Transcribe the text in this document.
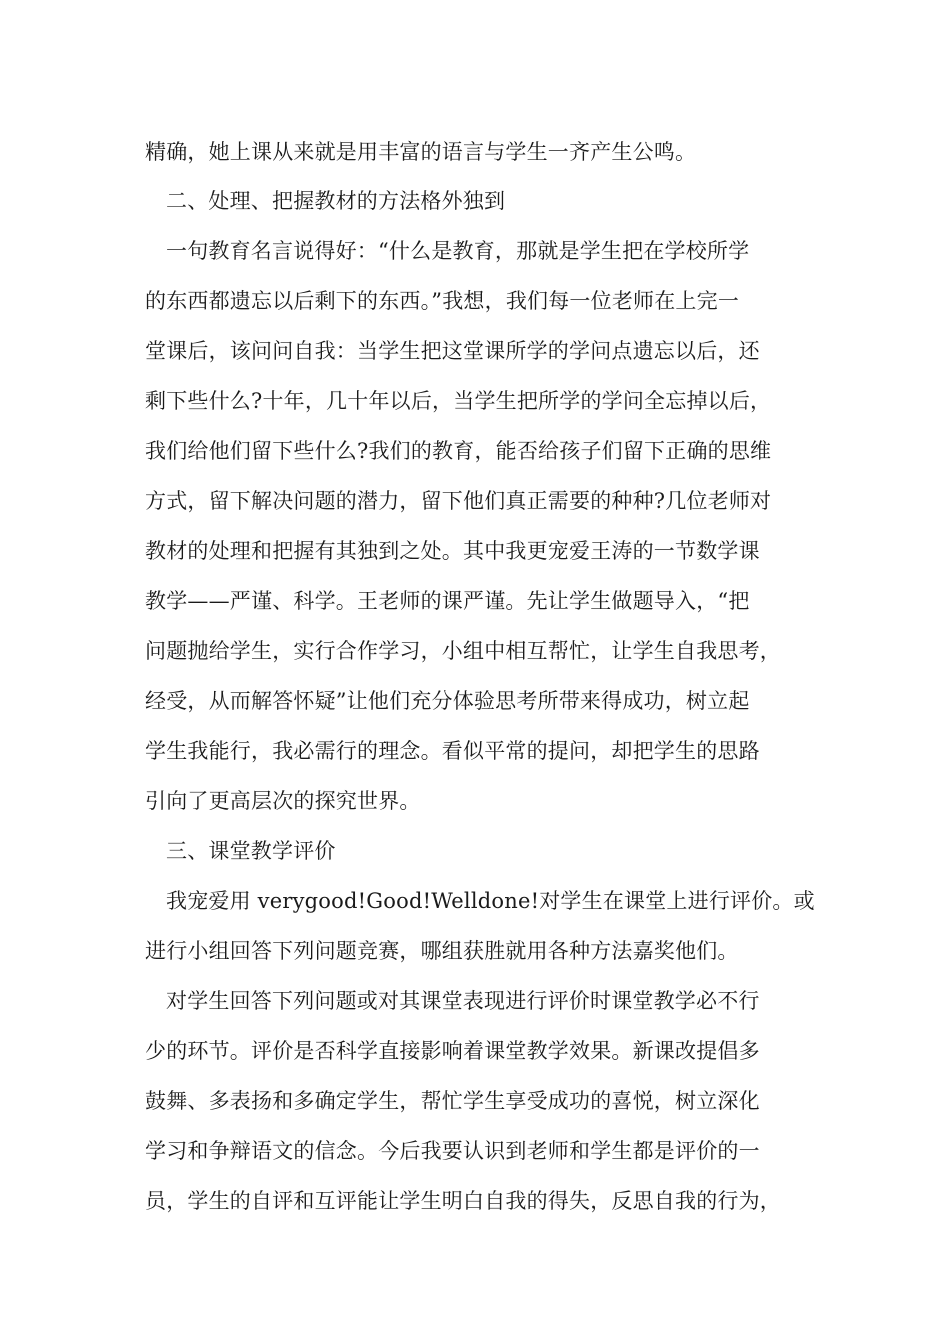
精确，她上课从来就是用丰富的语言与学生一齐产生公鸣。
二、处理、把握教材的方法格外独到
一句教育名言说得好：“什么是教育，那就是学生把在学校所学
的东西都遗忘以后剩下的东西。”我想，我们每一位老师在上完一
堂课后，该问问自我：当学生把这堂课所学的学问点遗忘以后，还
剩下些什么?十年，几十年以后，当学生把所学的学问全忘掉以后，
我们给他们留下些什么?我们的教育，能否给孩子们留下正确的思维
方式，留下解决问题的潜力，留下他们真正需要的种种?几位老师对
教材的处理和把握有其独到之处。其中我更宠爱王涛的一节数学课
教学——严谨、科学。王老师的课严谨。先让学生做题导入，“把
问题抛给学生，实行合作学习，小组中相互帮忙，让学生自我思考，
经受，从而解答怀疑”让他们充分体验思考所带来得成功，树立起
学生我能行，我必需行的理念。看似平常的提问，却把学生的思路
引向了更高层次的探究世界。
三、课堂教学评价
我宠爱用 verygood!Good!Welldone!对学生在课堂上进行评价。或
进行小组回答下列问题竞赛，哪组获胜就用各种方法嘉奖他们。
对学生回答下列问题或对其课堂表现进行评价时课堂教学必不行
少的环节。评价是否科学直接影响着课堂教学效果。新课改提倡多
鼓舞、多表扬和多确定学生，帮忙学生享受成功的喜悦，树立深化
学习和争辩语文的信念。今后我要认识到老师和学生都是评价的一
员，学生的自评和互评能让学生明白自我的得失，反思自我的行为，
